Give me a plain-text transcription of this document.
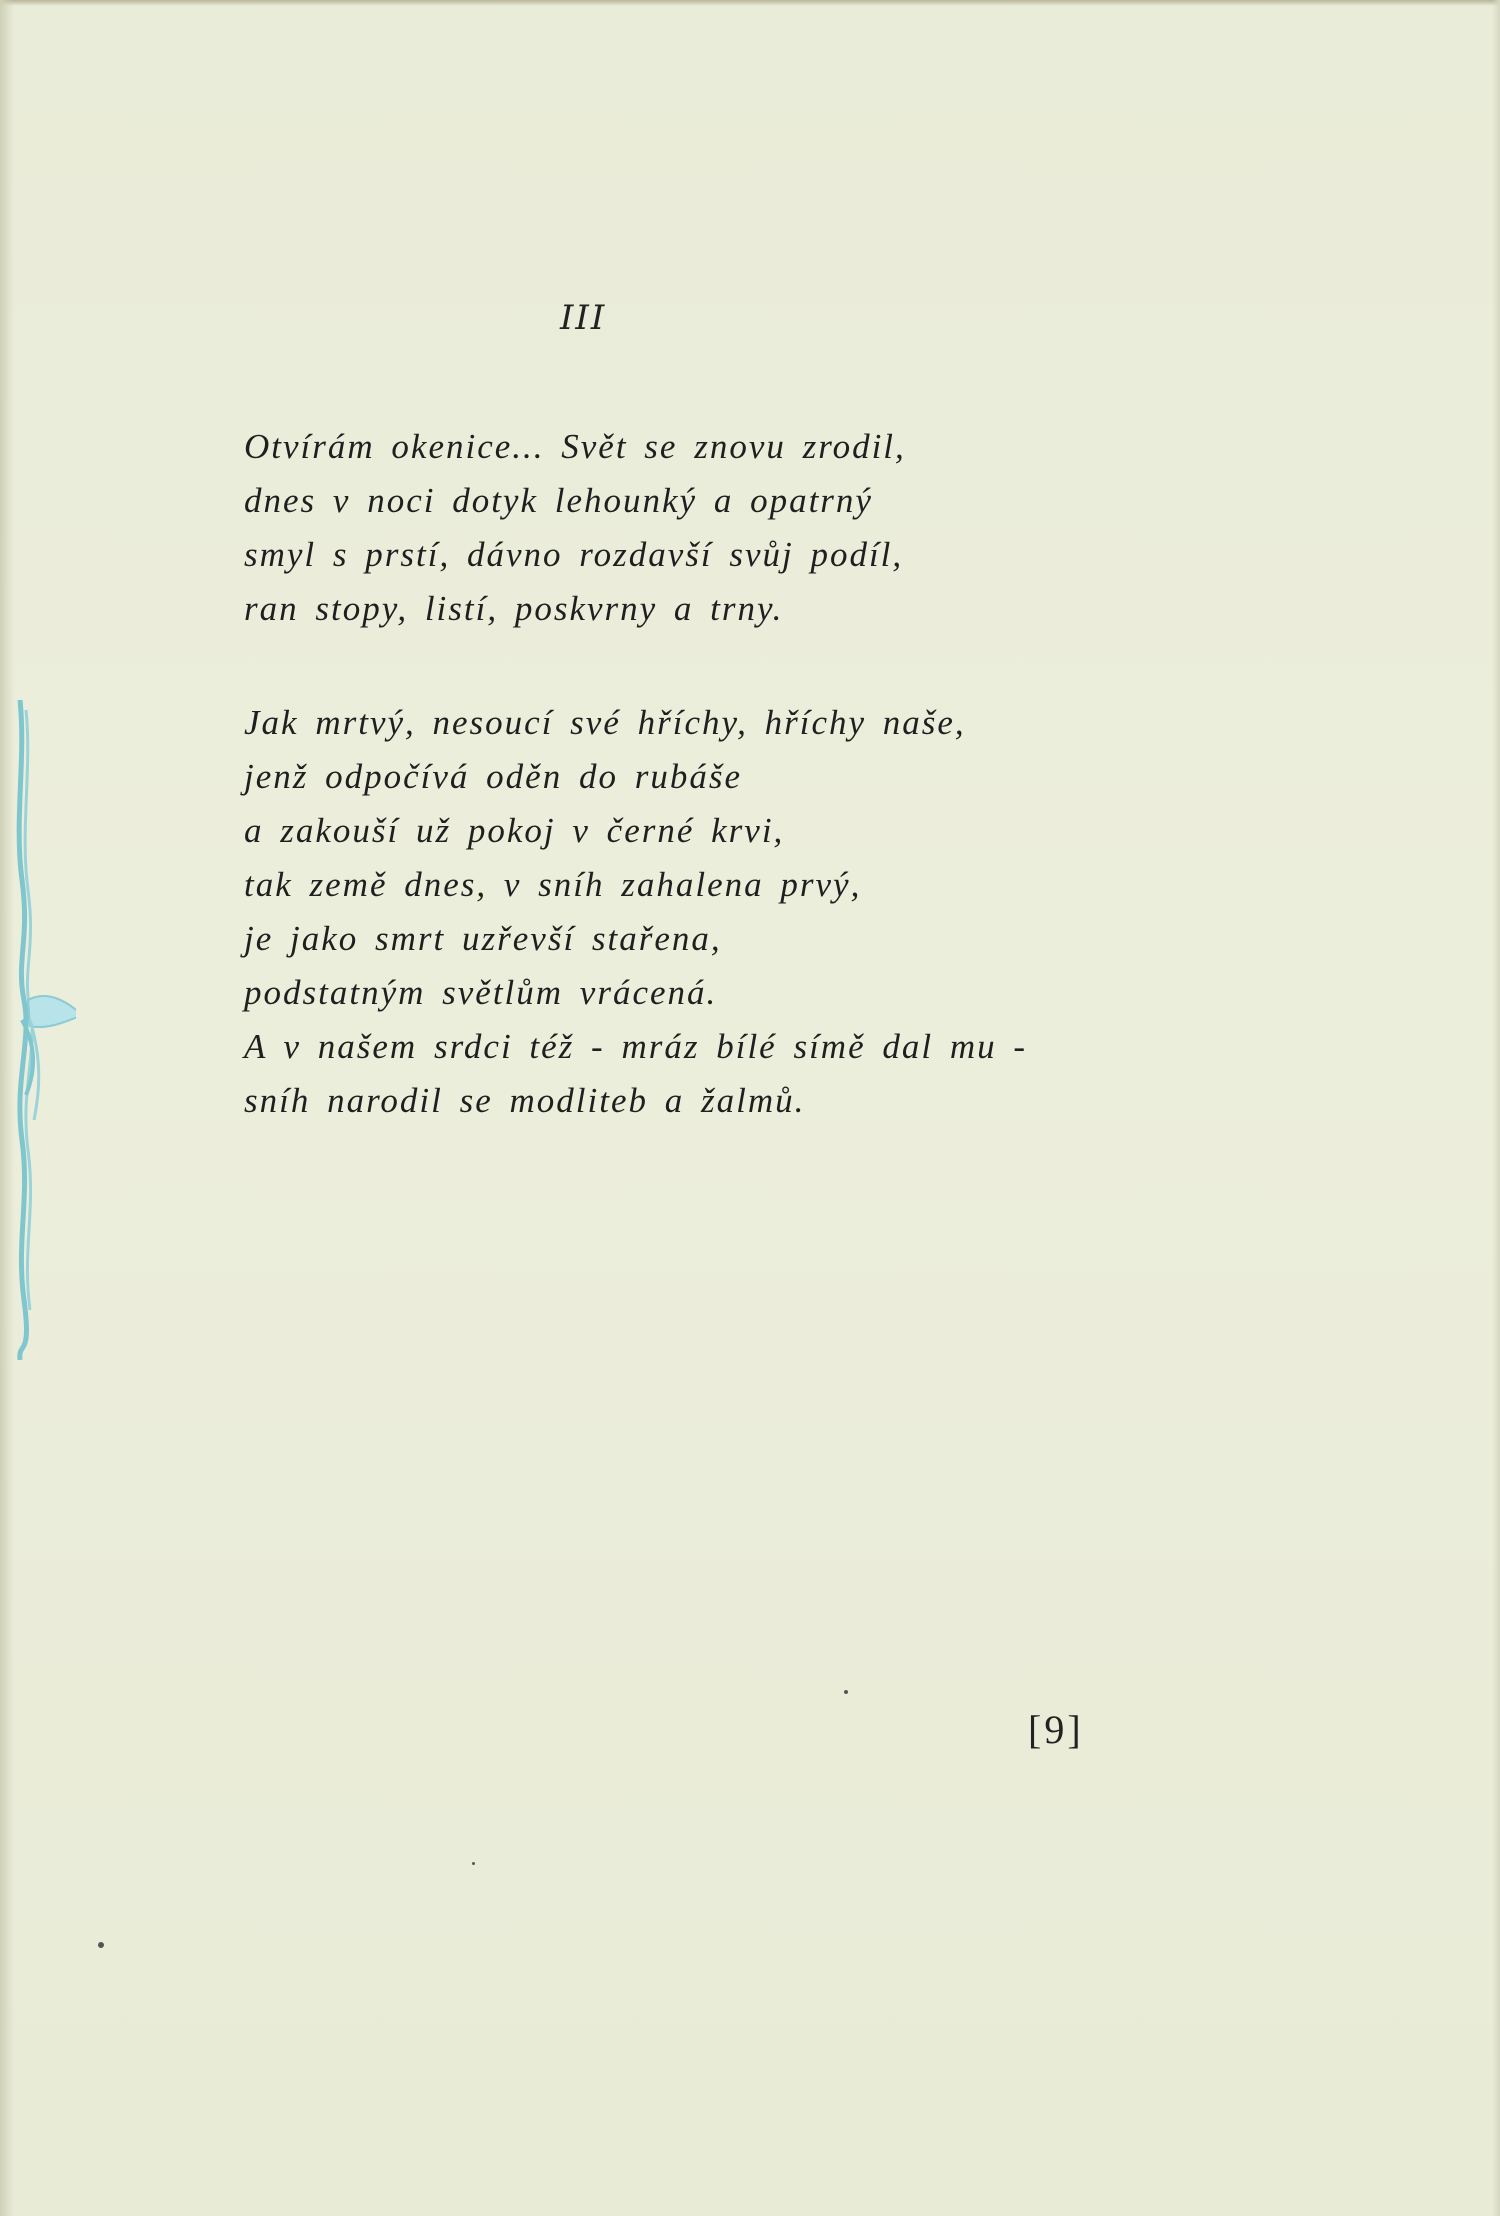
III
Otvírám okenice... Svět se znovu zrodil,
dnes v noci dotyk lehounký a opatrný
smyl s prstí, dávno rozdavší svůj podíl,
ran stopy, listí, poskvrny a trny.
Jak mrtvý, nesoucí své hříchy, hříchy naše,
jenž odpočívá oděn do rubáše
a zakouší už pokoj v černé krvi,
tak země dnes, v sníh zahalena prvý,
je jako smrt uzřevší stařena,
podstatným světlům vrácená.
A v našem srdci též - mráz bílé símě dal mu -
sníh narodil se modliteb a žalmů.
[9]
